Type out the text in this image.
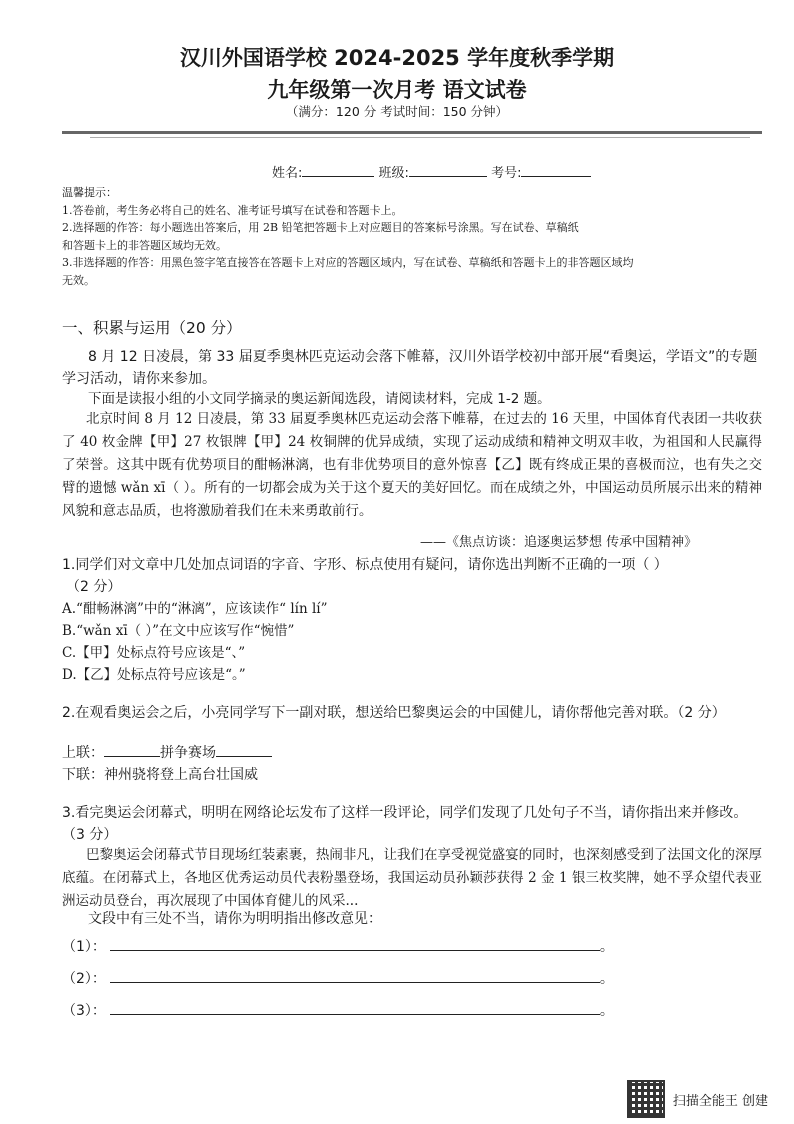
汉川外国语学校 2024-2025 学年度秋季学期
九年级第一次月考 语文试卷
（满分：120 分 考试时间：150 分钟）
姓名:	班级:	考号:
温馨提示：
1.答卷前，考生务必将自己的姓名、准考证号填写在试卷和答题卡上。
2.选择题的作答：每小题选出答案后，用 2B 铅笔把答题卡上对应题目的答案标号涂黑。写在试卷、草稿纸
和答题卡上的非答题区域均无效。
3.非选择题的作答：用黑色签字笔直接答在答题卡上对应的答题区域内，写在试卷、草稿纸和答题卡上的非答题区域均
无效。
一、积累与运用（20 分）
8 月 12 日凌晨，第 33 届夏季奥林匹克运动会落下帷幕，汉川外语学校初中部开展“看奥运，学语文”的专题学习活动，请你来参加。
下面是读报小组的小文同学摘录的奥运新闻选段，请阅读材料，完成 1-2 题。

北京时间 8 月 12 日凌晨，第 33 届夏季奥林匹克运动会落下帷幕，在过去的 16 天里，中国体育代表团一共收获了 40 枚金牌【甲】27 枚银牌【甲】24 枚铜牌的优异成绩，实现了运动成绩和精神文明双丰收，为祖国和人民赢得了荣誉。这其中既有优势项目的酣畅淋漓，也有非优势项目的意外惊喜【乙】既有终成正果的喜极而泣，也有失之交臂的遗憾 wǎn xī（ ）。所有的一切都会成为关于这个夏天的美好回忆。而在成绩之外，中国运动员所展示出来的精神风貌和意志品质，也将激励着我们在未来勇敢前行。

——《焦点访谈：追逐奥运梦想 传承中国精神》
1.同学们对文章中几处加点词语的字音、字形、标点使用有疑问，请你选出判断不正确的一项（ ）
（2 分）
A.“酣畅淋漓”中的“淋漓”，应该读作“ lín lí”
B.“wǎn xī（ ）”在文中应该写作“惋惜”
C.【甲】处标点符号应该是“、”
D.【乙】处标点符号应该是“。”
2.在观看奥运会之后，小亮同学写下一副对联，想送给巴黎奥运会的中国健儿，请你帮他完善对联。（2 分）
上联：	拼争赛场
下联：神州骁将登上高台壮国威
3.看完奥运会闭幕式，明明在网络论坛发布了这样一段评论，同学们发现了几处句子不当，请你指出来并修改。（3 分）

巴黎奥运会闭幕式节目现场红装素裹，热闹非凡，让我们在享受视觉盛宴的同时，也深刻感受到了法国文化的深厚底蕴。在闭幕式上，各地区优秀运动员代表粉墨登场，我国运动员孙颖莎获得 2 金 1 银三枚奖牌，她不孚众望代表亚洲运动员登台，再次展现了中国体育健儿的风采...

文段中有三处不当，请你为明明指出修改意见：
（1）：	。
（2）：	。
（3）：	。
扫描全能王 创建
